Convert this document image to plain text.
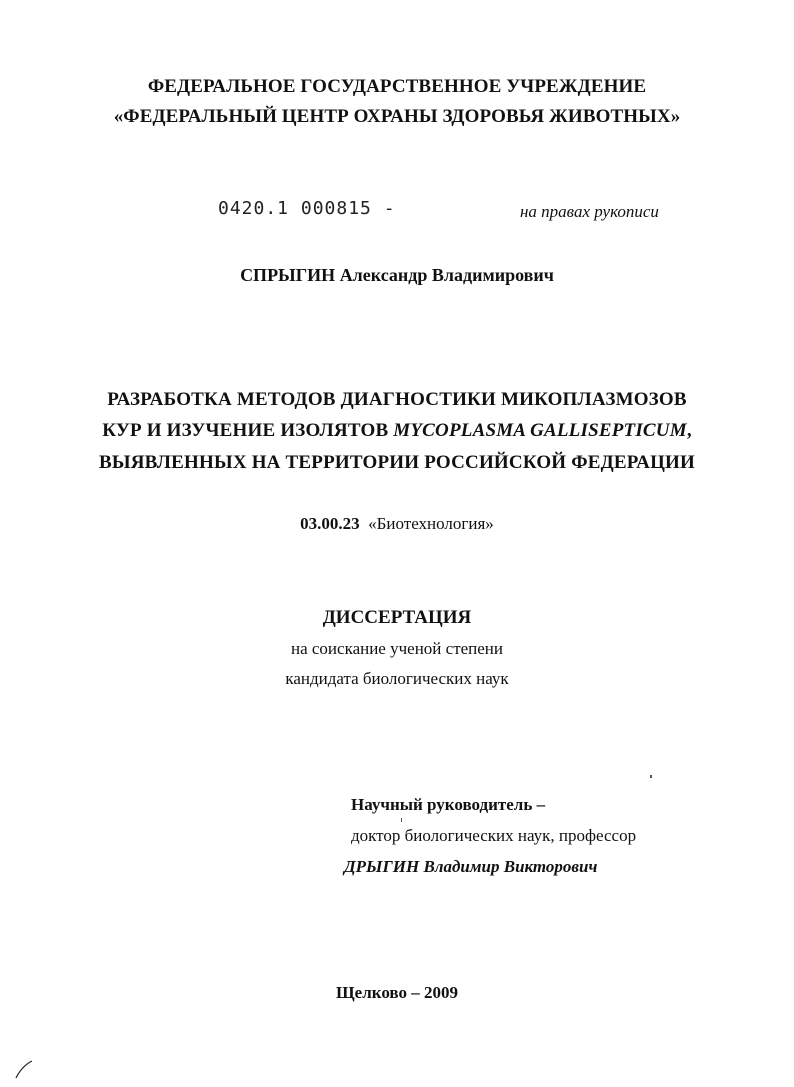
ФЕДЕРАЛЬНОЕ ГОСУДАРСТВЕННОЕ УЧРЕЖДЕНИЕ
«ФЕДЕРАЛЬНЫЙ ЦЕНТР ОХРАНЫ ЗДОРОВЬЯ ЖИВОТНЫХ»
0420.1 000815 -	на правах рукописи
СПРЫГИН Александр Владимирович
РАЗРАБОТКА МЕТОДОВ ДИАГНОСТИКИ МИКОПЛАЗМОЗОВ
КУР И ИЗУЧЕНИЕ ИЗОЛЯТОВ MYCOPLASMA GALLISEPTICUM,
ВЫЯВЛЕННЫХ НА ТЕРРИТОРИИ РОССИЙСКОЙ ФЕДЕРАЦИИ
03.00.23 «Биотехнология»
ДИССЕРТАЦИЯ
на соискание ученой степени
кандидата биологических наук
Научный руководитель –
доктор биологических наук, профессор
ДРЫГИН Владимир Викторович
Щелково – 2009
